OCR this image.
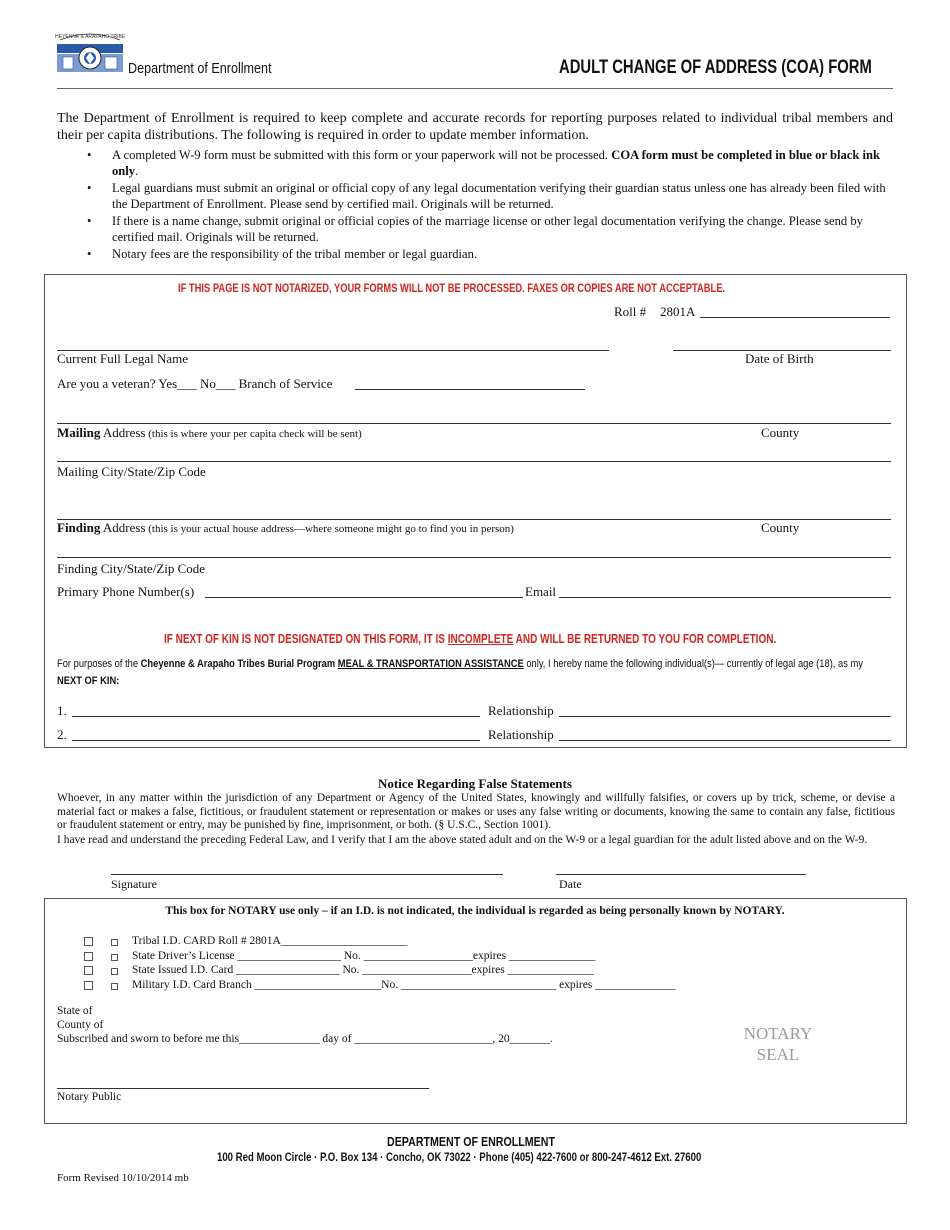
CHEYENNE & ARAPAHO TRIBES
Department of Enrollment	ADULT CHANGE OF ADDRESS (COA) FORM
The Department of Enrollment is required to keep complete and accurate records for reporting purposes related to individual tribal members and their per capita distributions. The following is required in order to update member information.
• A completed W-9 form must be submitted with this form or your paperwork will not be processed. COA form must be completed in blue or black ink only.
• Legal guardians must submit an original or official copy of any legal documentation verifying their guardian status unless one has already been filed with the Department of Enrollment. Please send by certified mail. Originals will be returned.
• If there is a name change, submit original or official copies of the marriage license or other legal documentation verifying the change. Please send by certified mail. Originals will be returned.
• Notary fees are the responsibility of the tribal member or legal guardian.
IF THIS PAGE IS NOT NOTARIZED, YOUR FORMS WILL NOT BE PROCESSED. FAXES OR COPIES ARE NOT ACCEPTABLE.
Roll # 2801A
Current Full Legal Name	Date of Birth
Are you a veteran? Yes___ No___ Branch of Service
Mailing Address (this is where your per capita check will be sent)	County
Mailing City/State/Zip Code
Finding Address (this is your actual house address—where someone might go to find you in person)	County
Finding City/State/Zip Code
Primary Phone Number(s)	Email
IF NEXT OF KIN IS NOT DESIGNATED ON THIS FORM, IT IS INCOMPLETE AND WILL BE RETURNED TO YOU FOR COMPLETION.
For purposes of the Cheyenne & Arapaho Tribes Burial Program MEAL & TRANSPORTATION ASSISTANCE only, I hereby name the following individual(s)— currently of legal age (18), as my NEXT OF KIN:
1.	Relationship
2.	Relationship
Notice Regarding False Statements
Whoever, in any matter within the jurisdiction of any Department or Agency of the United States, knowingly and willfully falsifies, or covers up by trick, scheme, or devise a material fact or makes a false, fictitious, or fraudulent statement or representation or makes or uses any false writing or documents, knowing the same to contain any false, fictitious or fraudulent statement or entry, may be punished by fine, imprisonment, or both. (§ U.S.C., Section 1001).
I have read and understand the preceding Federal Law, and I verify that I am the above stated adult and on the W-9 or a legal guardian for the adult listed above and on the W-9.
Signature	Date
This box for NOTARY use only – if an I.D. is not indicated, the individual is regarded as being personally known by NOTARY.
Tribal I.D. CARD Roll # 2801A______________________
State Driver’s License __________________ No. ___________________expires _______________
State Issued I.D. Card __________________ No. ___________________expires _______________
Military I.D. Card Branch ______________________No. ___________________________ expires ______________
State of
County of
Subscribed and sworn to before me this______________ day of ________________________, 20_______.	NOTARY
SEAL
Notary Public
DEPARTMENT OF ENROLLMENT
100 Red Moon Circle · P.O. Box 134 · Concho, OK 73022 · Phone (405) 422-7600 or 800-247-4612 Ext. 27600
Form Revised 10/10/2014 mb
